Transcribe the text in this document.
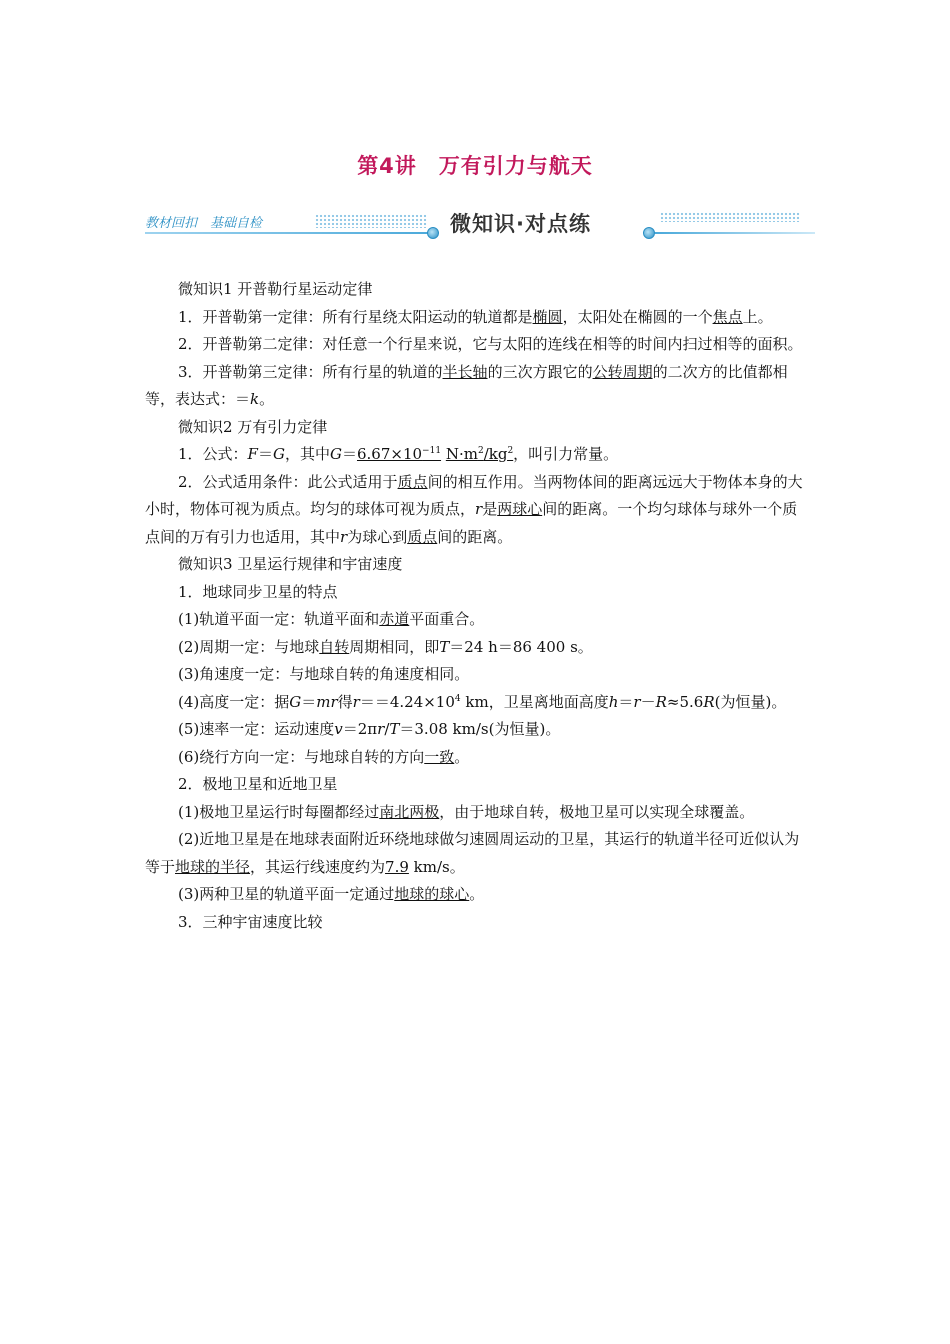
第4讲　万有引力与航天
教材回扣　基础自检	微知识·对点练

微知识1 开普勒行星运动定律

1．开普勒第一定律：所有行星绕太阳运动的轨道都是椭圆，太阳处在椭圆的一个焦点上。

2．开普勒第二定律：对任意一个行星来说，它与太阳的连线在相等的时间内扫过相等的面积。

3．开普勒第三定律：所有行星的轨道的半长轴的三次方跟它的公转周期的二次方的比值都相等，表达式：＝k。

微知识2 万有引力定律

1．公式：F＝G，其中$G=6.67\times 10^{-11}$ $N\cdot m^2/kg^2$，叫引力常量。

2．公式适用条件：此公式适用于质点间的相互作用。当两物体间的距离远远大于物体本身的大小时，物体可视为质点。均匀的球体可视为质点，r是两球心间的距离。一个均匀球体与球外一个质点间的万有引力也适用，其中r为球心到质点间的距离。

微知识3 卫星运行规律和宇宙速度

1．地球同步卫星的特点

(1)轨道平面一定：轨道平面和赤道平面重合。

(2)周期一定：与地球自转周期相同，即T＝24 h＝86 400 s。

(3)角速度一定：与地球自转的角速度相同。

(4)高度一定：据G＝mr得$r==4.24\times 10^4$ km，卫星离地面高度h＝r－R≈5.6R(为恒量)。

(5)速率一定：运动速度v＝2πr/T＝3.08 km/s(为恒量)。

(6)绕行方向一定：与地球自转的方向一致。

2．极地卫星和近地卫星

(1)极地卫星运行时每圈都经过南北两极，由于地球自转，极地卫星可以实现全球覆盖。

(2)近地卫星是在地球表面附近环绕地球做匀速圆周运动的卫星，其运行的轨道半径可近似认为等于地球的半径，其运行线速度约为7.9 km/s。

(3)两种卫星的轨道平面一定通过地球的球心。

3．三种宇宙速度比较
